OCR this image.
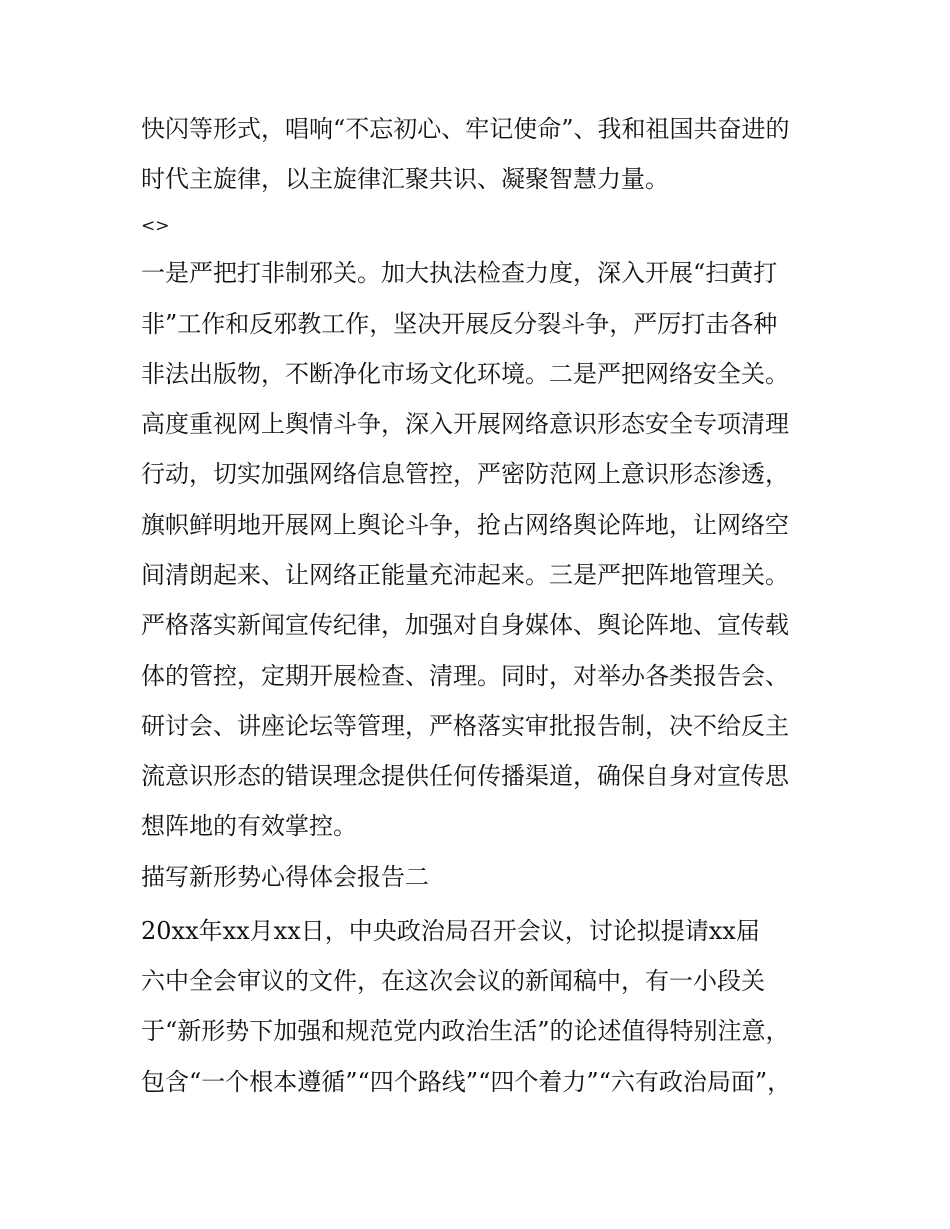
快闪等形式，唱响“不忘初心、牢记使命”、我和祖国共奋进的
时代主旋律，以主旋律汇聚共识、凝聚智慧力量。
<>
一是严把打非制邪关。加大执法检查力度，深入开展“扫黄打
非”工作和反邪教工作，坚决开展反分裂斗争，严厉打击各种
非法出版物，不断净化市场文化环境。二是严把网络安全关。
高度重视网上舆情斗争，深入开展网络意识形态安全专项清理
行动，切实加强网络信息管控，严密防范网上意识形态渗透，
旗帜鲜明地开展网上舆论斗争，抢占网络舆论阵地，让网络空
间清朗起来、让网络正能量充沛起来。三是严把阵地管理关。
严格落实新闻宣传纪律，加强对自身媒体、舆论阵地、宣传载
体的管控，定期开展检查、清理。同时，对举办各类报告会、
研讨会、讲座论坛等管理，严格落实审批报告制，决不给反主
流意识形态的错误理念提供任何传播渠道，确保自身对宣传思
想阵地的有效掌控。
描写新形势心得体会报告二
20xx年xx月xx日，中央政治局召开会议，讨论拟提请xx届
六中全会审议的文件，在这次会议的新闻稿中，有一小段关
于“新形势下加强和规范党内政治生活”的论述值得特别注意，
包含“一个根本遵循”“四个路线”“四个着力”“六有政治局面”，
